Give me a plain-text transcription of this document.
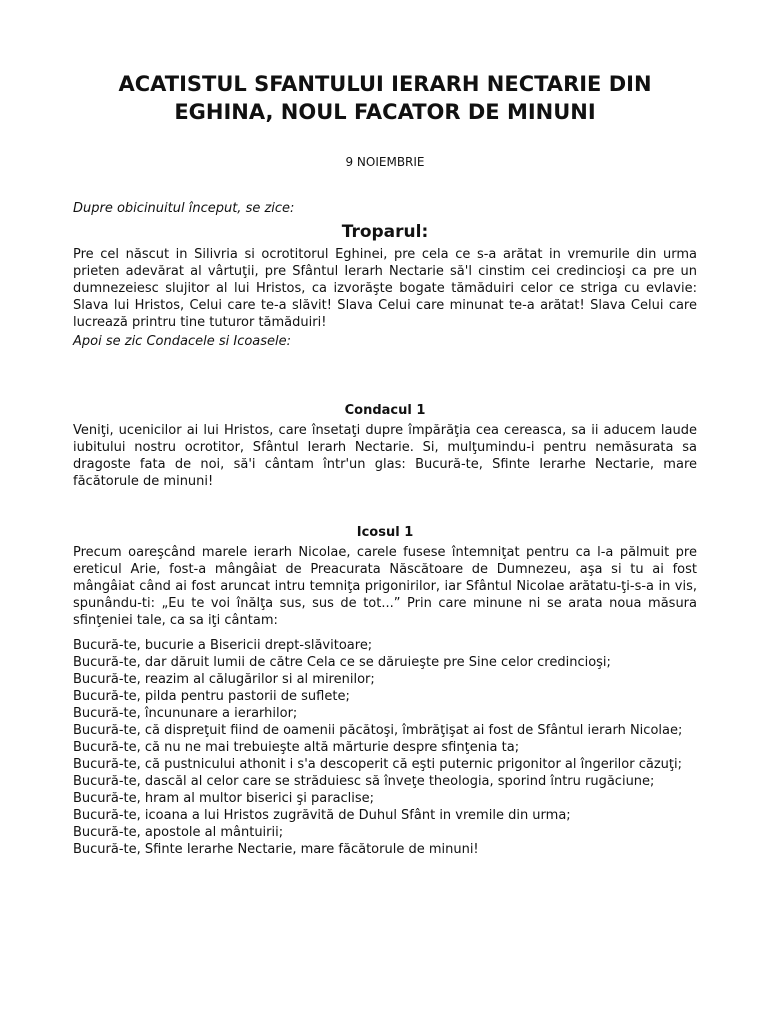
ACATISTUL SFANTULUI IERARH NECTARIE DIN
EGHINA, NOUL FACATOR DE MINUNI
9 NOIEMBRIE
Dupre obicinuitul început, se zice:
Troparul:

Pre cel născut in Silivria si ocrotitorul Eghinei, pre cela ce s-a arătat in vremurile din urma prieten adevărat al vârtuţii, pre Sfântul Ierarh Nectarie să'l cinstim cei credincioşi ca pre un dumnezeiesc slujitor al lui Hristos, ca izvorăşte bogate tămăduiri celor ce striga cu evlavie: Slava lui Hristos, Celui care te-a slăvit! Slava Celui care minunat te-a arătat! Slava Celui care lucrează printru tine tuturor tămăduiri!

Apoi se zic Condacele si Icoasele:
Condacul 1

Veniţi, ucenicilor ai lui Hristos, care însetaţi dupre împărăţia cea cereasca, sa ii aducem laude iubitului nostru ocrotitor, Sfântul Ierarh Nectarie. Si, mulţumindu-i pentru nemăsurata sa dragoste fata de noi, să'i cântam într'un glas: Bucură-te, Sfinte Ierarhe Nectarie, mare făcătorule de minuni!

Icosul 1

Precum oareşcând marele ierarh Nicolae, carele fusese întemniţat pentru ca l-a pălmuit pre ereticul Arie, fost-a mângâiat de Preacurata Născătoare de Dumnezeu, aşa si tu ai fost mângâiat când ai fost aruncat intru temniţa prigonirilor, iar Sfântul Nicolae arătatu-ţi-s-a in vis, spunându-ti: „Eu te voi înălţa sus, sus de tot...” Prin care minune ni se arata noua măsura sfinţeniei tale, ca sa iţi cântam:

Bucură-te, bucurie a Bisericii drept-slăvitoare;
Bucură-te, dar dăruit lumii de către Cela ce se dăruieşte pre Sine celor credincioşi;
Bucură-te, reazim al călugărilor si al mirenilor;
Bucură-te, pilda pentru pastorii de suflete;
Bucură-te, încununare a ierarhilor;
Bucură-te, că dispreţuit fiind de oamenii păcătoşi, îmbrăţişat ai fost de Sfântul ierarh Nicolae;
Bucură-te, că nu ne mai trebuieşte altă mărturie despre sfinţenia ta;
Bucură-te, că pustnicului athonit i s'a descoperit că eşti puternic prigonitor al îngerilor căzuţi;
Bucură-te, dascăl al celor care se străduiesc să înveţe theologia, sporind întru rugăciune;
Bucură-te, hram al multor biserici şi paraclise;
Bucură-te, icoana a lui Hristos zugrăvită de Duhul Sfânt in vremile din urma;
Bucură-te, apostole al mântuirii;
Bucură-te, Sfinte Ierarhe Nectarie, mare făcătorule de minuni!
